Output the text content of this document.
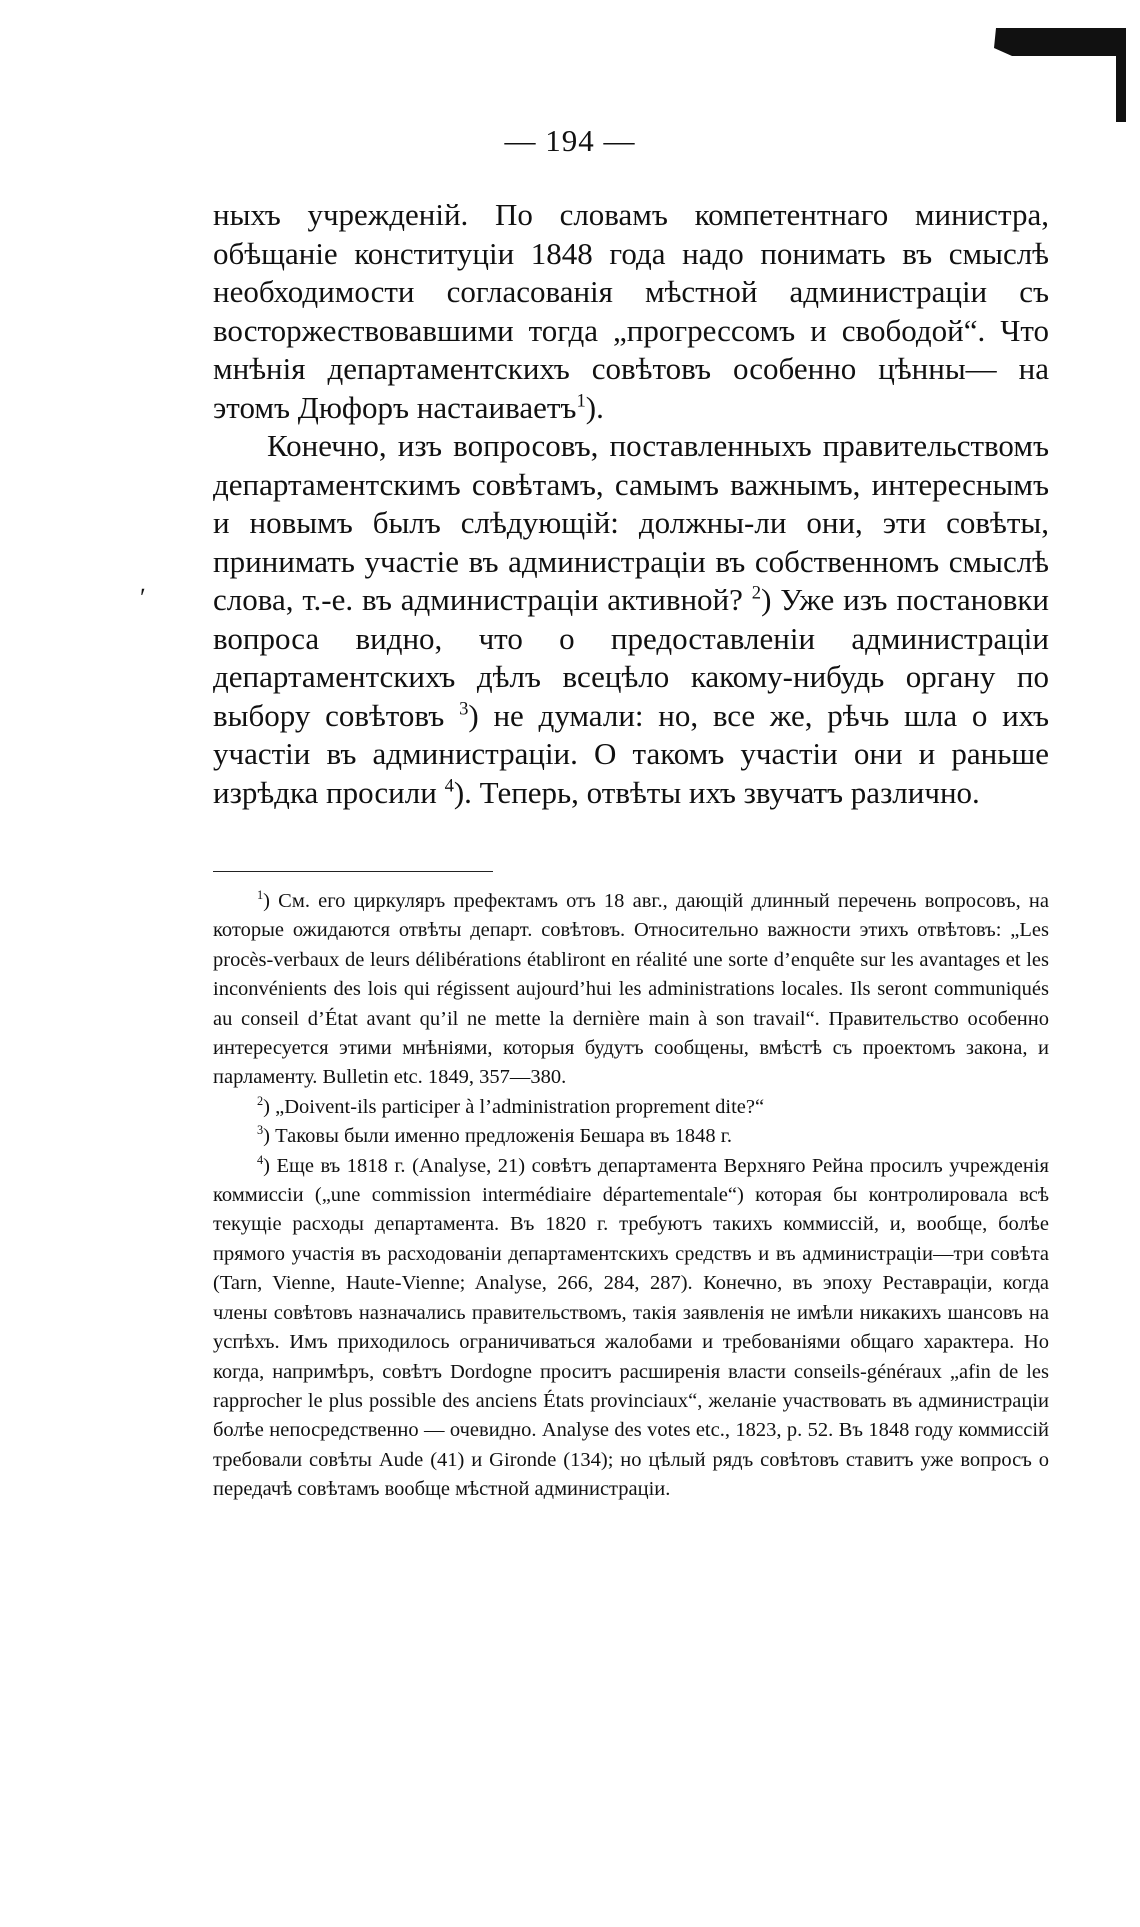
— 194 —
ʹ

ныхъ учрежденій. По словамъ компетентнаго министра, обѣщаніе конституціи 1848 года надо понимать въ смыслѣ необходимости согласованія мѣстной администраціи съ восторжествовавшими тогда „прогрессомъ и свободой“. Что мнѣнія департаментскихъ совѣтовъ особенно цѣнны— на этомъ Дюфоръ настаиваетъ$^1$).

Конечно, изъ вопросовъ, поставленныхъ правительствомъ департаментскимъ совѣтамъ, самымъ важнымъ, интереснымъ и новымъ былъ слѣдующій: должны-ли они, эти совѣты, принимать участіе въ администраціи въ собственномъ смыслѣ слова, т.-е. въ администраціи активной? $^2$) Уже изъ постановки вопроса видно, что о предоставленіи администраціи департаментскихъ дѣлъ всецѣло какому-нибудь органу по выбору совѣтовъ $^3$) не думали: но, все же, рѣчь шла о ихъ участіи въ администраціи. О такомъ участіи они и раньше изрѣдка просили $^4$). Теперь, отвѣты ихъ звучатъ различно.

$^1$) См. его циркуляръ префектамъ отъ 18 авг., дающій длинный перечень вопросовъ, на которые ожидаются отвѣты департ. совѣтовъ. Относительно важности этихъ отвѣтовъ: „Les procès-verbaux de leurs délibérations établiront en réalité une sorte d’enquête sur les avantages et les inconvénients des lois qui régissent aujourd’hui les administrations locales. Ils seront communiqués au conseil d’État avant qu’il ne mette la dernière main à son travail“. Правительство особенно интересуется этими мнѣніями, которыя будутъ сообщены, вмѣстѣ съ проектомъ закона, и парламенту. Bulletin etc. 1849, 357—380.

$^2$) „Doivent-ils participer à l’administration proprement dite?“

$^3$) Таковы были именно предложенія Бешара въ 1848 г.

$^4$) Еще въ 1818 г. (Analyse, 21) совѣтъ департамента Верхняго Рейна просилъ учрежденія коммиссіи („une commission intermédiaire départementale“) которая бы контролировала всѣ текущіе расходы департамента. Въ 1820 г. требуютъ такихъ коммиссій, и, вообще, болѣе прямого участія въ расходованіи департаментскихъ средствъ и въ администраціи—три совѣта (Tarn, Vienne, Haute-Vienne; Analyse, 266, 284, 287). Конечно, въ эпоху Реставраціи, когда члены совѣтовъ назначались правительствомъ, такія заявленія не имѣли никакихъ шансовъ на успѣхъ. Имъ приходилось ограничиваться жалобами и требованіями общаго характера. Но когда, напримѣръ, совѣтъ Dordogne проситъ расширенія власти conseils-généraux „afin de les rapprocher le plus possible des anciens États provinciaux“, желаніе участвовать въ администраціи болѣе непосредственно — очевидно. Analyse des votes etc., 1823, p. 52. Въ 1848 году коммиссій требовали совѣты Aude (41) и Gironde (134); но цѣлый рядъ совѣтовъ ставитъ уже вопросъ о передачѣ совѣтамъ вообще мѣстной администраціи.
